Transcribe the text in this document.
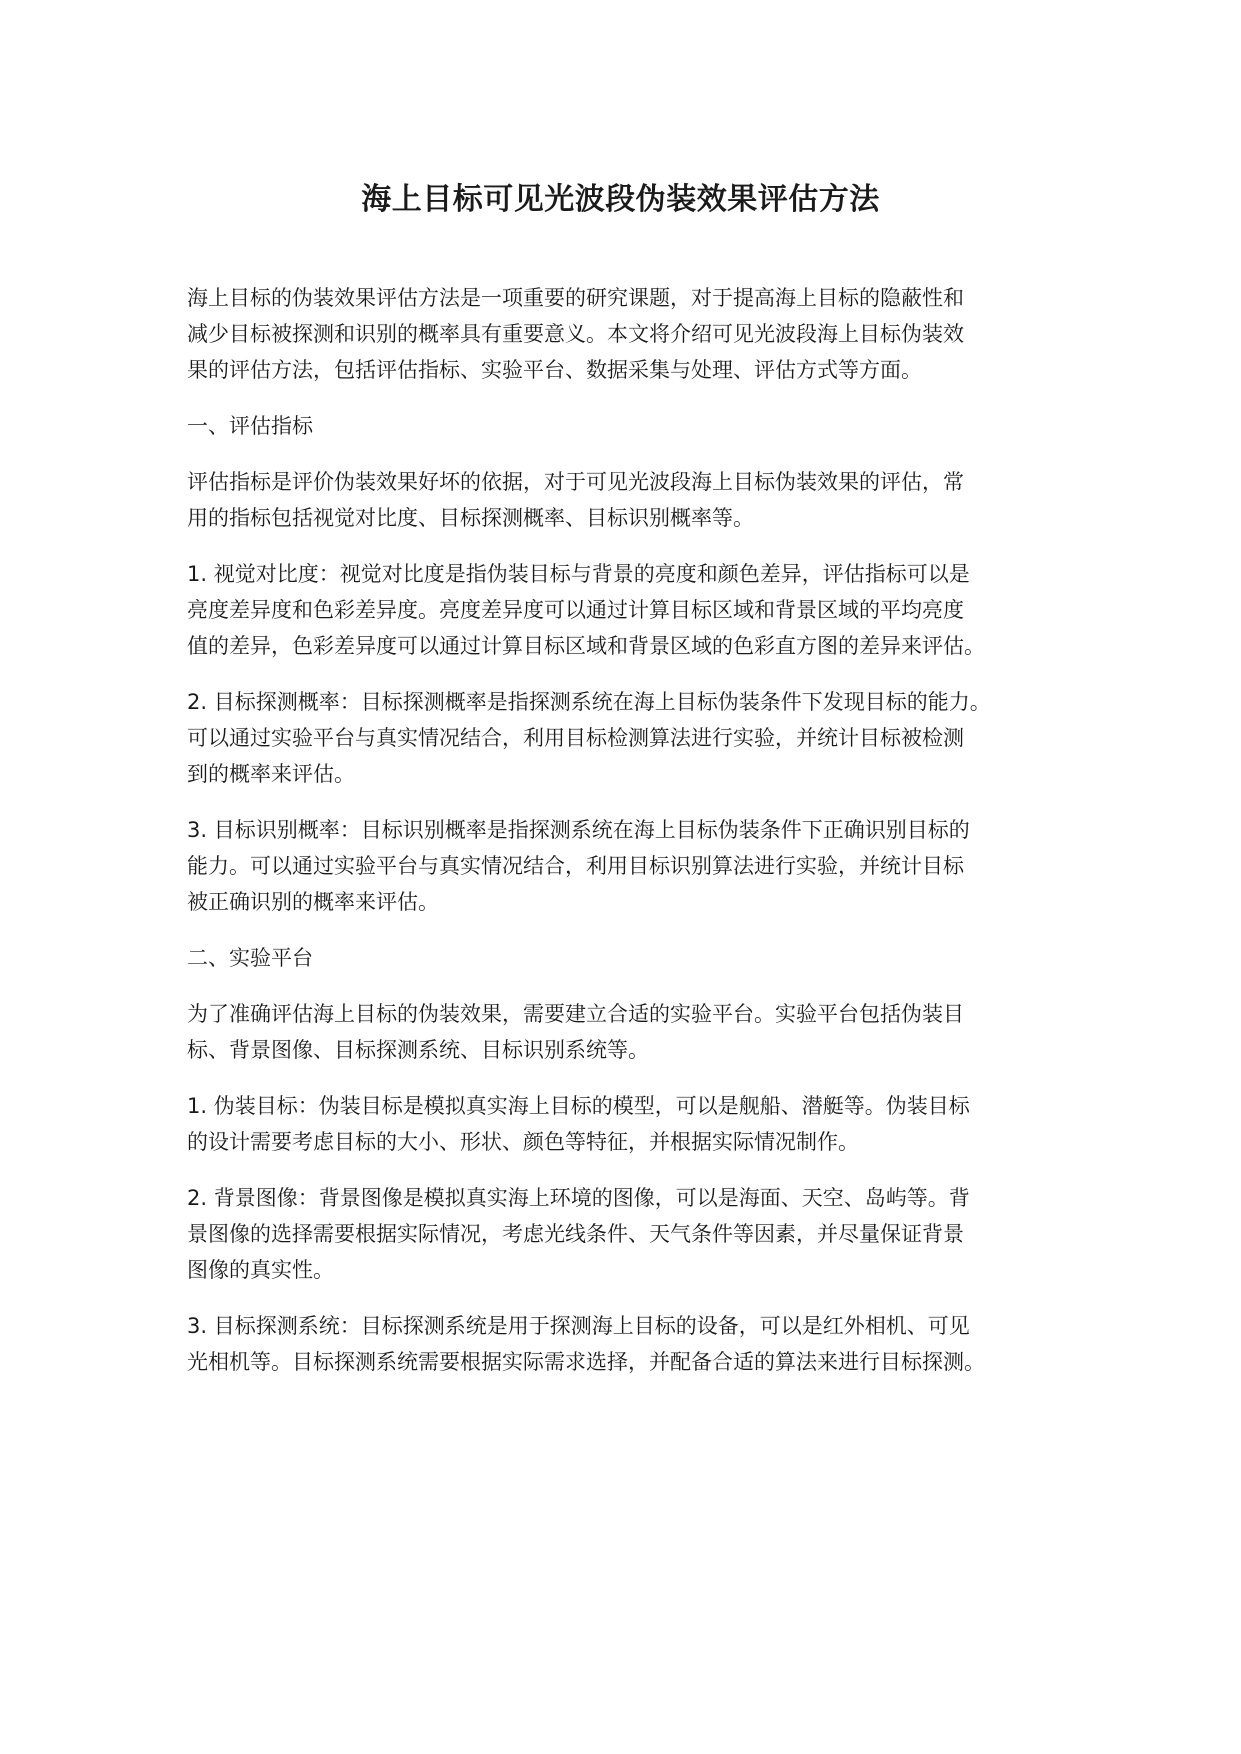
海上目标可见光波段伪装效果评估方法

海上目标的伪装效果评估方法是一项重要的研究课题，对于提高海上目标的隐蔽性和
减少目标被探测和识别的概率具有重要意义。本文将介绍可见光波段海上目标伪装效
果的评估方法，包括评估指标、实验平台、数据采集与处理、评估方式等方面。

一、评估指标

评估指标是评价伪装效果好坏的依据，对于可见光波段海上目标伪装效果的评估，常
用的指标包括视觉对比度、目标探测概率、目标识别概率等。

1. 视觉对比度：视觉对比度是指伪装目标与背景的亮度和颜色差异，评估指标可以是
亮度差异度和色彩差异度。亮度差异度可以通过计算目标区域和背景区域的平均亮度
值的差异，色彩差异度可以通过计算目标区域和背景区域的色彩直方图的差异来评估。

2. 目标探测概率：目标探测概率是指探测系统在海上目标伪装条件下发现目标的能力。
可以通过实验平台与真实情况结合，利用目标检测算法进行实验，并统计目标被检测
到的概率来评估。

3. 目标识别概率：目标识别概率是指探测系统在海上目标伪装条件下正确识别目标的
能力。可以通过实验平台与真实情况结合，利用目标识别算法进行实验，并统计目标
被正确识别的概率来评估。

二、实验平台

为了准确评估海上目标的伪装效果，需要建立合适的实验平台。实验平台包括伪装目
标、背景图像、目标探测系统、目标识别系统等。

1. 伪装目标：伪装目标是模拟真实海上目标的模型，可以是舰船、潜艇等。伪装目标
的设计需要考虑目标的大小、形状、颜色等特征，并根据实际情况制作。

2. 背景图像：背景图像是模拟真实海上环境的图像，可以是海面、天空、岛屿等。背
景图像的选择需要根据实际情况，考虑光线条件、天气条件等因素，并尽量保证背景
图像的真实性。

3. 目标探测系统：目标探测系统是用于探测海上目标的设备，可以是红外相机、可见
光相机等。目标探测系统需要根据实际需求选择，并配备合适的算法来进行目标探测。
